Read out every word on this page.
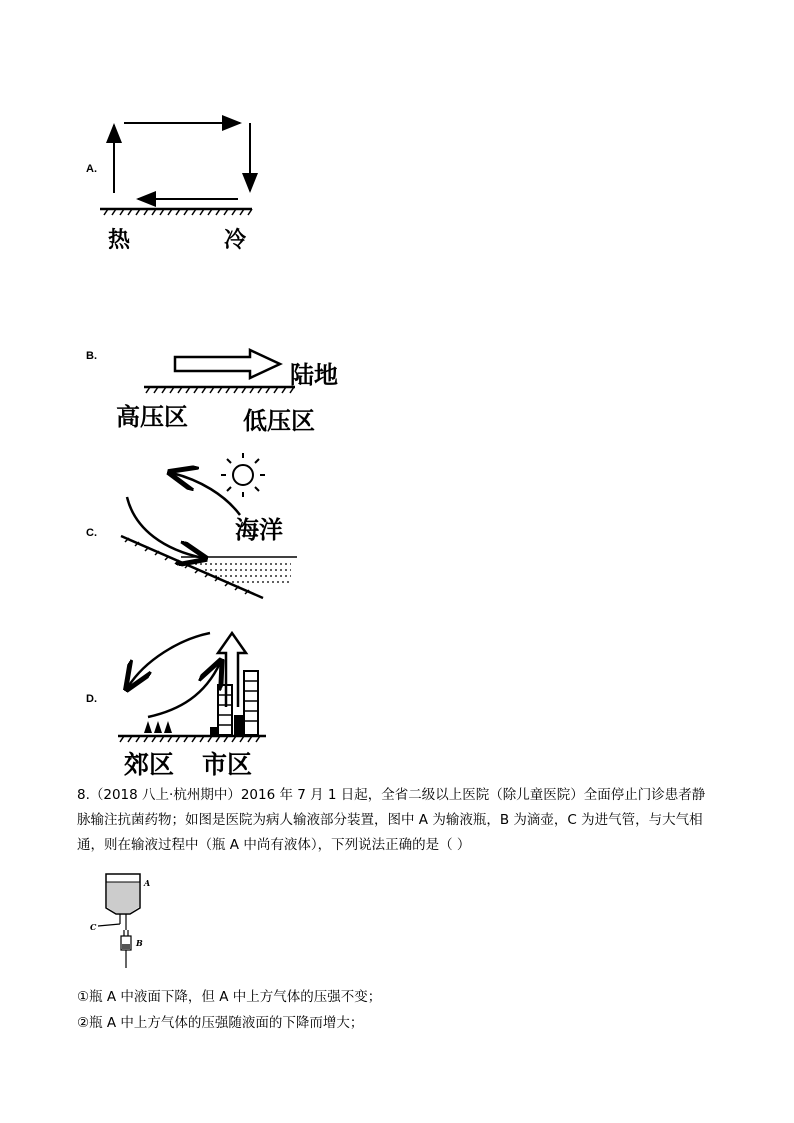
A.
热	冷
B.
陆地
高压区 低压区
C.	海洋
D.
郊区 市区
8.（2018 八上·杭州期中）2016 年 7 月 1 日起，全省二级以上医院（除儿童医院）全面停止门诊患者静
脉输注抗菌药物；如图是医院为病人输液部分装置，图中 A 为输液瓶，B 为滴壶，C 为进气管，与大气相
通，则在输液过程中（瓶 A 中尚有液体），下列说法正确的是（ ）
A
C
B
①瓶 A 中液面下降，但 A 中上方气体的压强不变；
②瓶 A 中上方气体的压强随液面的下降而增大；
